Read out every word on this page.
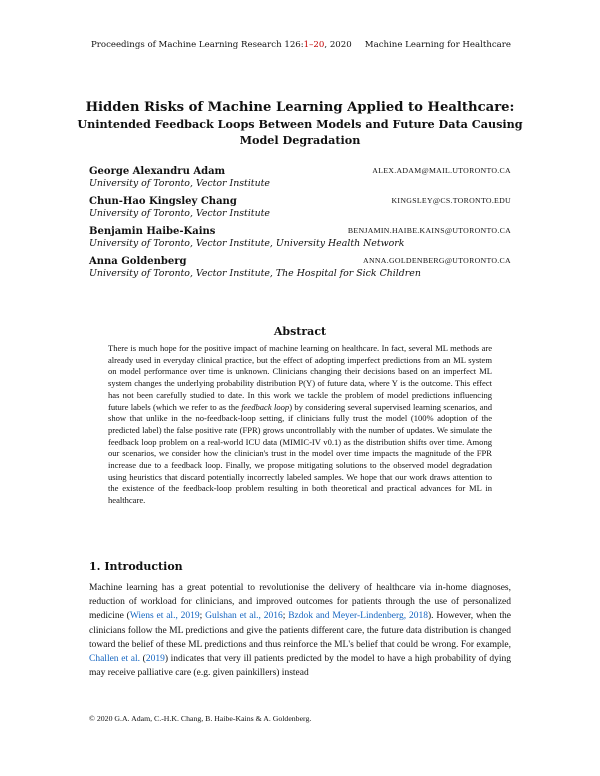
Proceedings of Machine Learning Research 126:1–20, 2020 Machine Learning for Healthcare
Hidden Risks of Machine Learning Applied to Healthcare:
Unintended Feedback Loops Between Models and Future Data Causing
Model Degradation
George Alexandru Adam	ALEX.ADAM@MAIL.UTORONTO.CA
University of Toronto, Vector Institute
Chun-Hao Kingsley Chang	KINGSLEY@CS.TORONTO.EDU
University of Toronto, Vector Institute
Benjamin Haibe-Kains	BENJAMIN.HAIBE.KAINS@UTORONTO.CA
University of Toronto, Vector Institute, University Health Network
Anna Goldenberg	ANNA.GOLDENBERG@UTORONTO.CA
University of Toronto, Vector Institute, The Hospital for Sick Children
Abstract
There is much hope for the positive impact of machine learning on healthcare. In fact, several ML methods are already used in everyday clinical practice, but the effect of adopting imperfect predictions from an ML system on model performance over time is unknown. Clinicians changing their decisions based on an imperfect ML system changes the underlying probability distribution P(Y) of future data, where Y is the outcome. This effect has not been carefully studied to date. In this work we tackle the problem of model predictions influencing future labels (which we refer to as the feedback loop) by considering several supervised learning scenarios, and show that unlike in the no-feedback-loop setting, if clinicians fully trust the model (100% adoption of the predicted label) the false positive rate (FPR) grows uncontrollably with the number of updates. We simulate the feedback loop problem on a real-world ICU data (MIMIC-IV v0.1) as the distribution shifts over time. Among our scenarios, we consider how the clinician's trust in the model over time impacts the magnitude of the FPR increase due to a feedback loop. Finally, we propose mitigating solutions to the observed model degradation using heuristics that discard potentially incorrectly labeled samples. We hope that our work draws attention to the existence of the feedback-loop problem resulting in both theoretical and practical advances for ML in healthcare.
1. Introduction
Machine learning has a great potential to revolutionise the delivery of healthcare via in-home diagnoses, reduction of workload for clinicians, and improved outcomes for patients through the use of personalized medicine (Wiens et al., 2019; Gulshan et al., 2016; Bzdok and Meyer-Lindenberg, 2018). However, when the clinicians follow the ML predictions and give the patients different care, the future data distribution is changed toward the belief of these ML predictions and thus reinforce the ML's belief that could be wrong. For example, Challen et al. (2019) indicates that very ill patients predicted by the model to have a high probability of dying may receive palliative care (e.g. given painkillers) instead
© 2020 G.A. Adam, C.-H.K. Chang, B. Haibe-Kains & A. Goldenberg.
